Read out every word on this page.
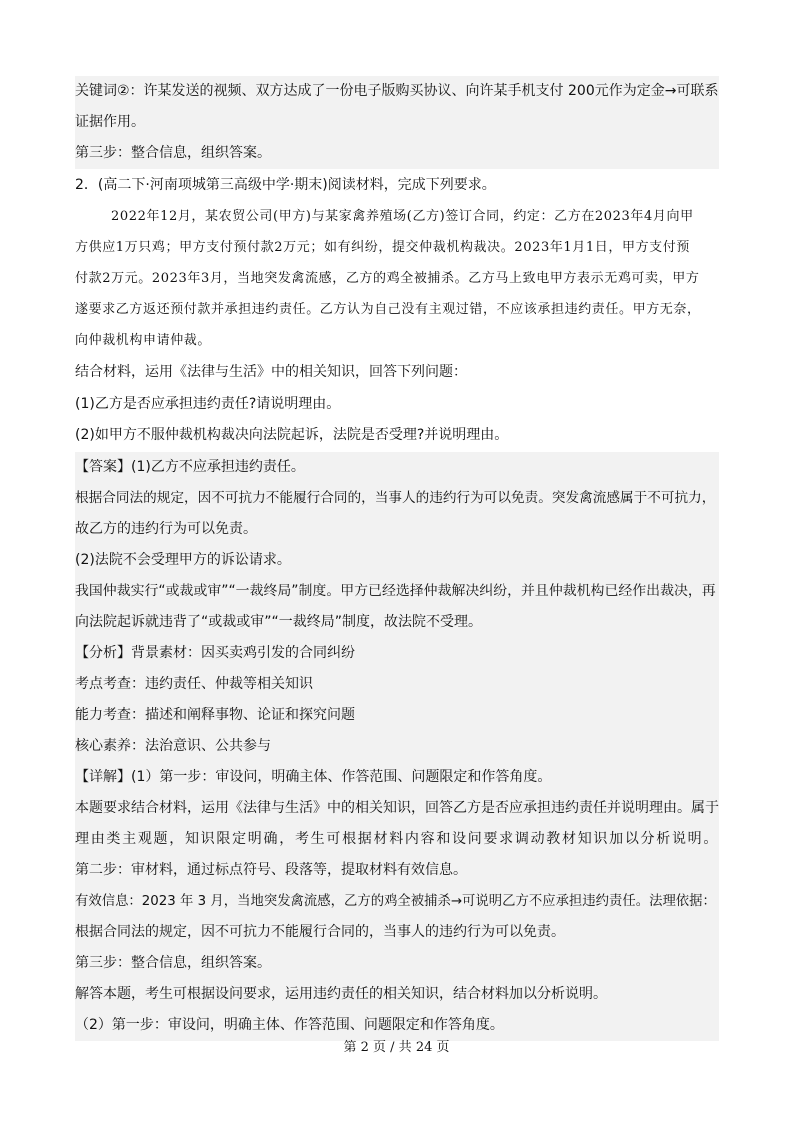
关键词②：许某发送的视频、双方达成了一份电子版购买协议、向许某手机支付 200元作为定金→可联系
证据作用。
第三步：整合信息，组织答案。
2．(高二下·河南项城第三高级中学·期末)阅读材料，完成下列要求。
2022年12月，某农贸公司(甲方)与某家禽养殖场(乙方)签订合同，约定：乙方在2023年4月向甲
方供应1万只鸡；甲方支付预付款2万元；如有纠纷，提交仲裁机构裁决。2023年1月1日，甲方支付预
付款2万元。2023年3月，当地突发禽流感，乙方的鸡全被捕杀。乙方马上致电甲方表示无鸡可卖，甲方
遂要求乙方返还预付款并承担违约责任。乙方认为自己没有主观过错，不应该承担违约责任。甲方无奈，
向仲裁机构申请仲裁。
结合材料，运用《法律与生活》中的相关知识，回答下列问题：
(1)乙方是否应承担违约责任?请说明理由。
(2)如甲方不服仲裁机构裁决向法院起诉，法院是否受理?并说明理由。
【答案】(1)乙方不应承担违约责任。
根据合同法的规定，因不可抗力不能履行合同的，当事人的违约行为可以免责。突发禽流感属于不可抗力，
故乙方的违约行为可以免责。
(2)法院不会受理甲方的诉讼请求。
我国仲裁实行“或裁或审”“一裁终局”制度。甲方已经选择仲裁解决纠纷，并且仲裁机构已经作出裁决，再
向法院起诉就违背了“或裁或审”“一裁终局”制度，故法院不受理。
【分析】背景素材：因买卖鸡引发的合同纠纷
考点考查：违约责任、仲裁等相关知识
能力考查：描述和阐释事物、论证和探究问题
核心素养：法治意识、公共参与
【详解】(1）第一步：审设问，明确主体、作答范围、问题限定和作答角度。
本题要求结合材料，运用《法律与生活》中的相关知识，回答乙方是否应承担违约责任并说明理由。属于
理由类主观题，知识限定明确，考生可根据材料内容和设问要求调动教材知识加以分析说明。
第二步：审材料，通过标点符号、段落等，提取材料有效信息。
有效信息：2023 年 3 月，当地突发禽流感，乙方的鸡全被捕杀→可说明乙方不应承担违约责任。法理依据：
根据合同法的规定，因不可抗力不能履行合同的，当事人的违约行为可以免责。
第三步：整合信息，组织答案。
解答本题，考生可根据设问要求，运用违约责任的相关知识，结合材料加以分析说明。
（2）第一步：审设问，明确主体、作答范围、问题限定和作答角度。
第 2 页 / 共 24 页
